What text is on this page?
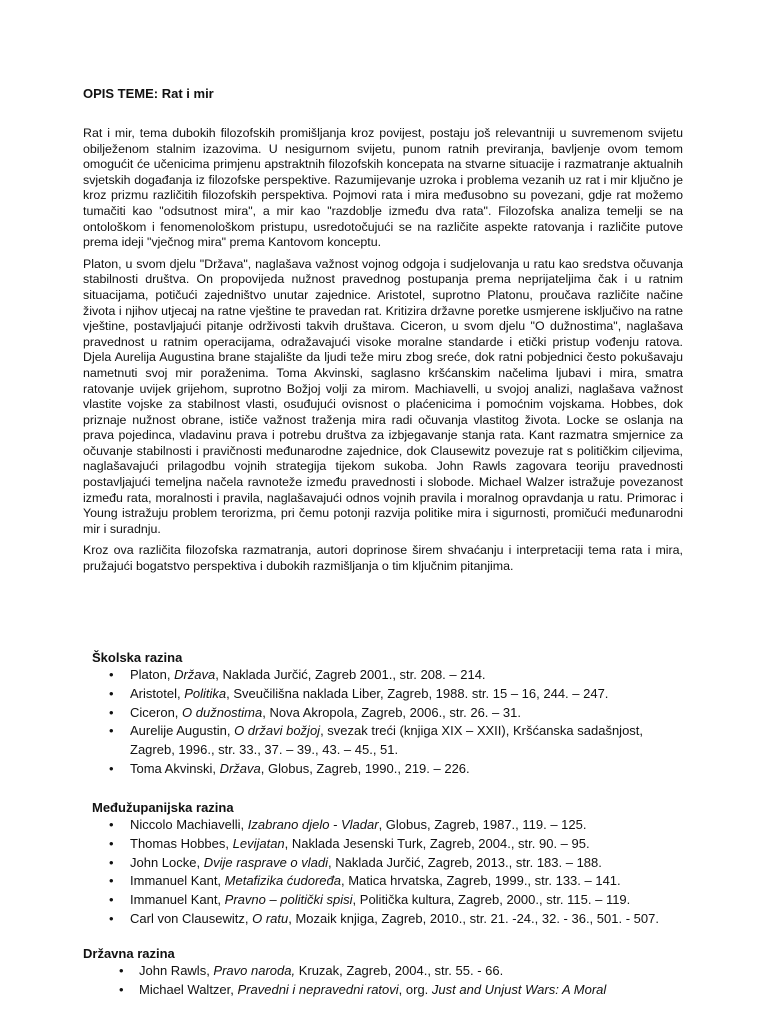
OPIS TEME: Rat i mir

Rat i mir, tema dubokih filozofskih promišljanja kroz povijest, postaju još relevantniji u suvremenom svijetu obilježenom stalnim izazovima. U nesigurnom svijetu, punom ratnih previranja, bavljenje ovom temom omogućit će učenicima primjenu apstraktnih filozofskih koncepata na stvarne situacije i razmatranje aktualnih svjetskih događanja iz filozofske perspektive. Razumijevanje uzroka i problema vezanih uz rat i mir ključno je kroz prizmu različitih filozofskih perspektiva. Pojmovi rata i mira međusobno su povezani, gdje rat možemo tumačiti kao "odsutnost mira", a mir kao "razdoblje između dva rata". Filozofska analiza temelji se na ontološkom i fenomenološkom pristupu, usredotočujući se na različite aspekte ratovanja i različite putove prema ideji "vječnog mira" prema Kantovom konceptu.

Platon, u svom djelu "Država", naglašava važnost vojnog odgoja i sudjelovanja u ratu kao sredstva očuvanja stabilnosti društva. On propovijeda nužnost pravednog postupanja prema neprijateljima čak i u ratnim situacijama, potičući zajedništvo unutar zajednice. Aristotel, suprotno Platonu, proučava različite načine života i njihov utjecaj na ratne vještine te pravedan rat. Kritizira državne poretke usmjerene isključivo na ratne vještine, postavljajući pitanje održivosti takvih društava. Ciceron, u svom djelu "O dužnostima", naglašava pravednost u ratnim operacijama, odražavajući visoke moralne standarde i etički pristup vođenju ratova. Djela Aurelija Augustina brane stajalište da ljudi teže miru zbog sreće, dok ratni pobjednici često pokušavaju nametnuti svoj mir poraženima. Toma Akvinski, saglasno kršćanskim načelima ljubavi i mira, smatra ratovanje uvijek grijehom, suprotno Božjoj volji za mirom. Machiavelli, u svojoj analizi, naglašava važnost vlastite vojske za stabilnost vlasti, osuđujući ovisnost o plaćenicima i pomoćnim vojskama. Hobbes, dok priznaje nužnost obrane, ističe važnost traženja mira radi očuvanja vlastitog života. Locke se oslanja na prava pojedinca, vladavinu prava i potrebu društva za izbjegavanje stanja rata. Kant razmatra smjernice za očuvanje stabilnosti i pravičnosti međunarodne zajednice, dok Clausewitz povezuje rat s političkim ciljevima, naglašavajući prilagodbu vojnih strategija tijekom sukoba. John Rawls zagovara teoriju pravednosti postavljajući temeljna načela ravnoteže između pravednosti i slobode. Michael Walzer istražuje povezanost između rata, moralnosti i pravila, naglašavajući odnos vojnih pravila i moralnog opravdanja u ratu. Primorac i Young istražuju problem terorizma, pri čemu potonji razvija politike mira i sigurnosti, promičući međunarodni mir i suradnju.

Kroz ova različita filozofska razmatranja, autori doprinose širem shvaćanju i interpretaciji tema rata i mira, pružajući bogatstvo perspektiva i dubokih razmišljanja o tim ključnim pitanjima.

Školska razina

• Platon, Država, Naklada Jurčić, Zagreb 2001., str. 208. – 214.
• Aristotel, Politika, Sveučilišna naklada Liber, Zagreb, 1988. str. 15 – 16, 244. – 247.
• Ciceron, O dužnostima, Nova Akropola, Zagreb, 2006., str. 26. – 31.
• Aurelije Augustin, O državi božjoj, svezak treći (knjiga XIX – XXII), Kršćanska sadašnjost, Zagreb, 1996., str. 33., 37. – 39., 43. – 45., 51.
• Toma Akvinski, Država, Globus, Zagreb, 1990., 219. – 226.

Međužupanijska razina

• Niccolo Machiavelli, Izabrano djelo - Vladar, Globus, Zagreb, 1987., 119. – 125.
• Thomas Hobbes, Levijatan, Naklada Jesenski Turk, Zagreb, 2004., str. 90. – 95.
• John Locke, Dvije rasprave o vladi, Naklada Jurčić, Zagreb, 2013., str. 183. – 188.
• Immanuel Kant, Metafizika ćudoređa, Matica hrvatska, Zagreb, 1999., str. 133. – 141.
• Immanuel Kant, Pravno – politički spisi, Politička kultura, Zagreb, 2000., str. 115. – 119.
• Carl von Clausewitz, O ratu, Mozaik knjiga, Zagreb, 2010., str. 21. -24., 32. - 36., 501. - 507.

Državna razina

• John Rawls, Pravo naroda, Kruzak, Zagreb, 2004., str. 55. - 66.
• Michael Waltzer, Pravedni i nepravedni ratovi, org. Just and Unjust Wars: A Moral
